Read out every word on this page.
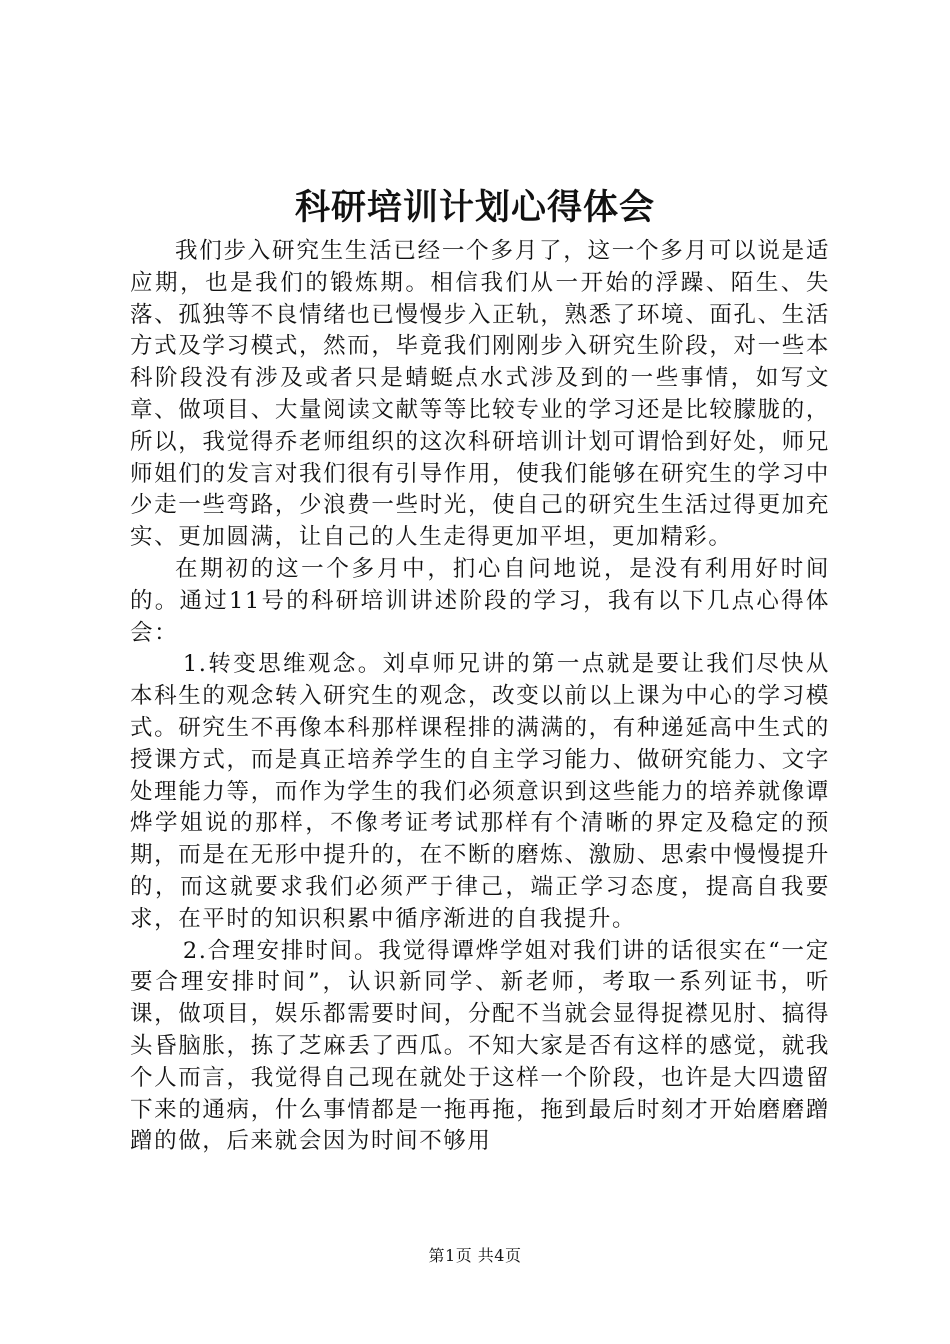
科研培训计划心得体会

我们步入研究生生活已经一个多月了，这一个多月可以说是适应期，也是我们的锻炼期。相信我们从一开始的浮躁、陌生、失落、孤独等不良情绪也已慢慢步入正轨，熟悉了环境、面孔、生活方式及学习模式，然而，毕竟我们刚刚步入研究生阶段，对一些本科阶段没有涉及或者只是蜻蜓点水式涉及到的一些事情，如写文章、做项目、大量阅读文献等等比较专业的学习还是比较朦胧的，所以，我觉得乔老师组织的这次科研培训计划可谓恰到好处，师兄师姐们的发言对我们很有引导作用，使我们能够在研究生的学习中少走一些弯路，少浪费一些时光，使自己的研究生生活过得更加充实、更加圆满，让自己的人生走得更加平坦，更加精彩。

在期初的这一个多月中，扪心自问地说，是没有利用好时间的。通过11号的科研培训讲述阶段的学习，我有以下几点心得体会：

1.转变思维观念。刘卓师兄讲的第一点就是要让我们尽快从本科生的观念转入研究生的观念，改变以前以上课为中心的学习模式。研究生不再像本科那样课程排的满满的，有种递延高中生式的授课方式，而是真正培养学生的自主学习能力、做研究能力、文字处理能力等，而作为学生的我们必须意识到这些能力的培养就像谭烨学姐说的那样，不像考证考试那样有个清晰的界定及稳定的预期，而是在无形中提升的，在不断的磨炼、激励、思索中慢慢提升的，而这就要求我们必须严于律己，端正学习态度，提高自我要求，在平时的知识积累中循序渐进的自我提升。

2.合理安排时间。我觉得谭烨学姐对我们讲的话很实在“一定要合理安排时间”，认识新同学、新老师，考取一系列证书，听课，做项目，娱乐都需要时间，分配不当就会显得捉襟见肘、搞得头昏脑胀，拣了芝麻丢了西瓜。不知大家是否有这样的感觉，就我个人而言，我觉得自己现在就处于这样一个阶段，也许是大四遗留下来的通病，什么事情都是一拖再拖，拖到最后时刻才开始磨磨蹭蹭的做，后来就会因为时间不够用

第1页 共4页
